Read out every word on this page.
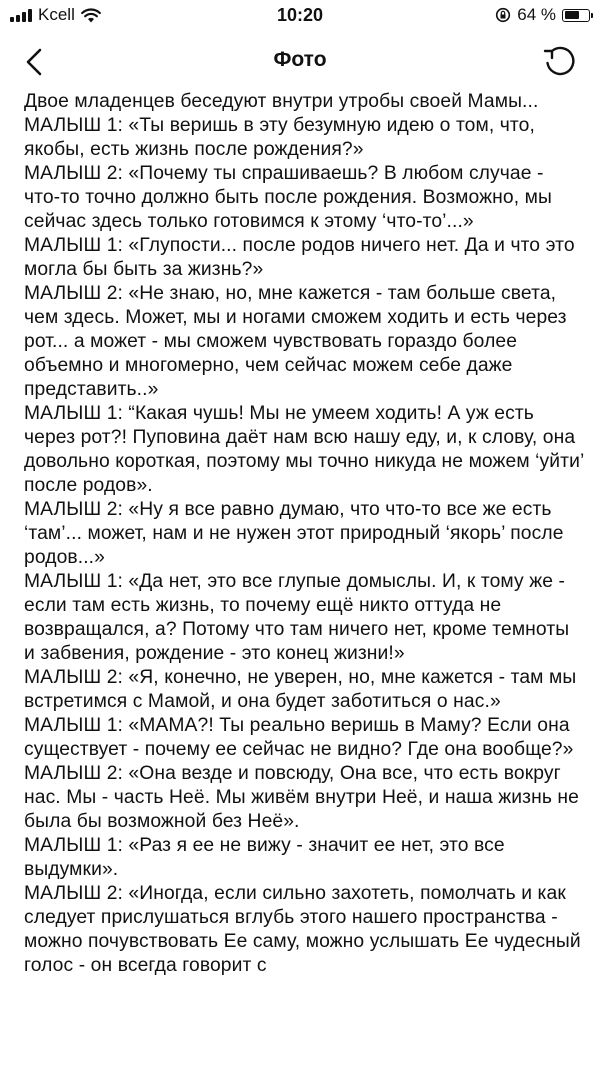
Kcell	10:20	64 %
Фото

Двое младенцев беседуют внутри утробы своей Мамы...

МАЛЫШ 1: «Ты веришь в эту безумную идею о том, что, якобы, есть жизнь после рождения?»

МАЛЫШ 2: «Почему ты спрашиваешь? В любом случае - что-то точно должно быть после рождения. Возможно, мы сейчас здесь только готовимся к этому ‘что-то’...»

МАЛЫШ 1: «Глупости... после родов ничего нет. Да и что это могла бы быть за жизнь?»

МАЛЫШ 2: «Не знаю, но, мне кажется - там больше света, чем здесь. Может, мы и ногами сможем ходить и есть через рот... а может - мы сможем чувствовать гораздо более объемно и многомерно, чем сейчас можем себе даже представить..»

МАЛЫШ 1: “Какая чушь! Мы не умеем ходить! А уж есть через рот?! Пуповина даёт нам всю нашу еду, и, к слову, она довольно короткая, поэтому мы точно никуда не можем ‘уйти’ после родов».

МАЛЫШ 2: «Ну я все равно думаю, что что-то все же есть ‘там’... может, нам и не нужен этот природный ‘якорь’ после родов...»

МАЛЫШ 1: «Да нет, это все глупые домыслы. И, к тому же - если там есть жизнь, то почему ещё никто оттуда не возвращался, а? Потому что там ничего нет, кроме темноты и забвения, рождение - это конец жизни!»

МАЛЫШ 2: «Я, конечно, не уверен, но, мне кажется - там мы встретимся с Мамой, и она будет заботиться о нас.»

МАЛЫШ 1: «МАМА?! Ты реально веришь в Маму? Если она существует - почему ее сейчас не видно? Где она вообще?»

МАЛЫШ 2: «Она везде и повсюду, Она все, что есть вокруг нас. Мы - часть Неё. Мы живём внутри Неё, и наша жизнь не была бы возможной без Неё».

МАЛЫШ 1: «Раз я ее не вижу - значит ее нет, это все выдумки».

МАЛЫШ 2: «Иногда, если сильно захотеть, помолчать и как следует прислушаться вглубь этого нашего пространства - можно почувствовать Ее саму, можно услышать Ее чудесный голос - он всегда говорит с
